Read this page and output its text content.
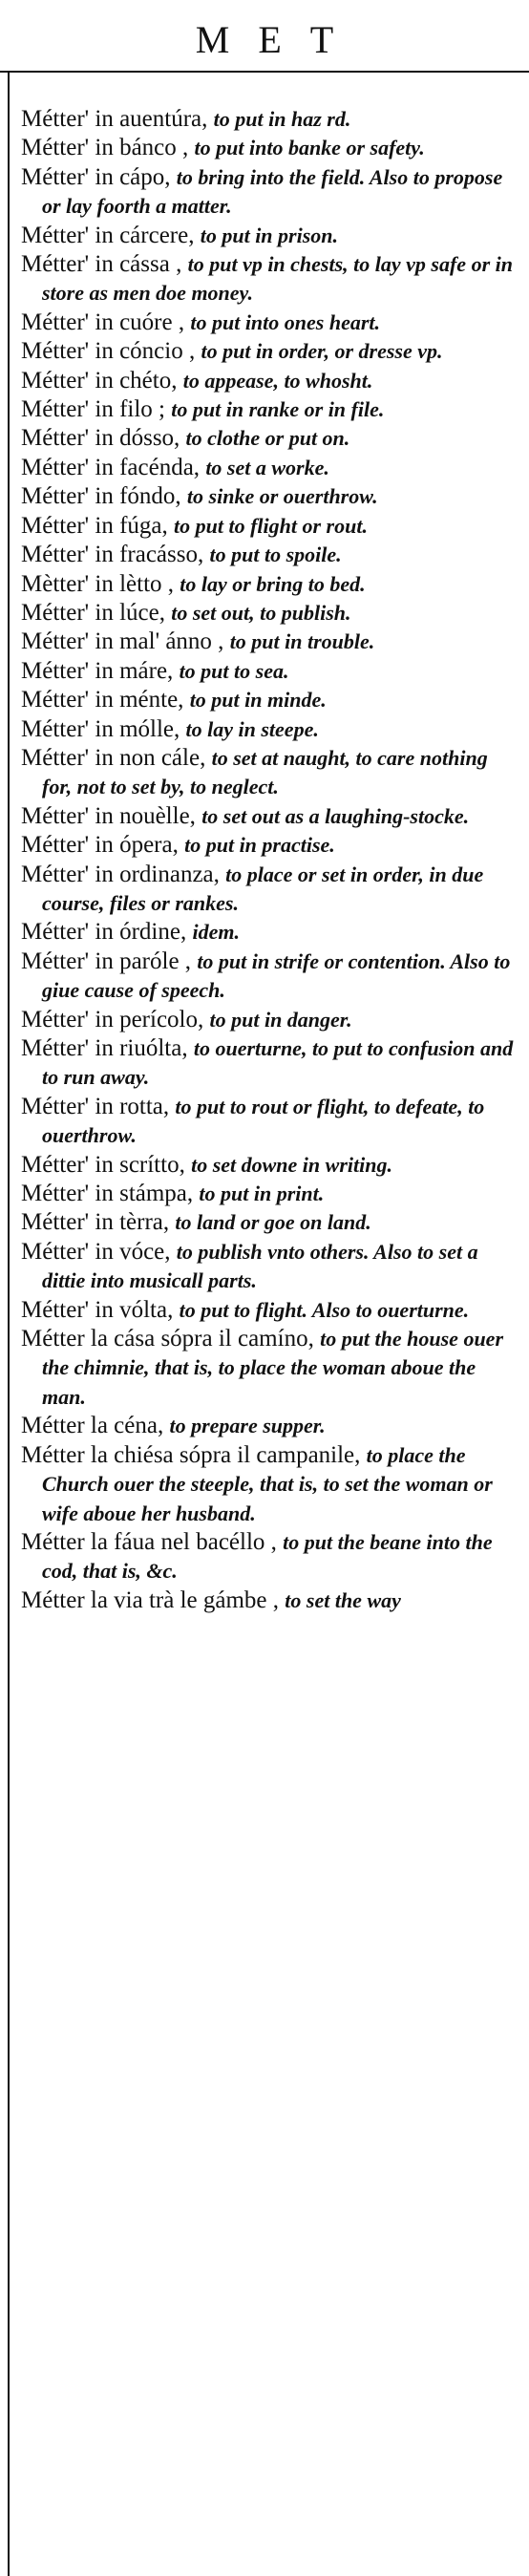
MET
Métter' in auentúra, to put in haz rd.
Métter' in bánco , to put into banke or safety.
Métter' in cápo, to bring into the field. Also to propose or lay foorth a matter.
Métter' in cárcere, to put in prison.
Métter' in cássa , to put vp in chests, to lay vp safe or in store as men doe money.
Métter' in cuóre , to put into ones heart.
Métter' in cóncio , to put in order, or dresse vp.
Métter' in chéto, to appease, to whosht.
Métter' in filo ; to put in ranke or in file.
Métter' in dósso, to clothe or put on.
Métter' in facénda, to set a worke.
Métter' in fóndo, to sinke or ouerthrow.
Métter' in fúga, to put to flight or rout.
Métter' in fracásso, to put to spoile.
Mètter' in lètto , to lay or bring to bed.
Métter' in lúce, to set out, to publish.
Métter' in mal' ánno , to put in trouble.
Métter' in máre, to put to sea.
Métter' in ménte, to put in minde.
Métter' in mólle, to lay in steepe.
Métter' in non cále, to set at naught, to care nothing for, not to set by, to neglect.
Métter' in nouèlle, to set out as a laughing-stocke.
Métter' in ópera, to put in practise.
Métter' in ordinanza, to place or set in order, in due course, files or rankes.
Métter' in órdine, idem.
Métter' in paróle , to put in strife or contention. Also to giue cause of speech.
Métter' in perícolo, to put in danger.
Métter' in riuólta, to ouerturne, to put to confusion and to run away.
Métter' in rotta, to put to rout or flight, to defeate, to ouerthrow.
Métter' in scrítto, to set downe in writing.
Métter' in stámpa, to put in print.
Métter' in tèrra, to land or goe on land.
Métter' in vóce, to publish vnto others. Also to set a dittie into musicall parts.
Métter' in vólta, to put to flight. Also to ouerturne.
Métter la cása sópra il camíno, to put the house ouer the chimnie, that is, to place the woman aboue the man.
Métter la céna, to prepare supper.
Métter la chiésa sópra il campanile, to place the Church ouer the steeple, that is, to set the woman or wife aboue her husband.
Métter la fáua nel bacéllo , to put the beane into the cod, that is, &c.
Métter la via trà le gámbe , to set the way
